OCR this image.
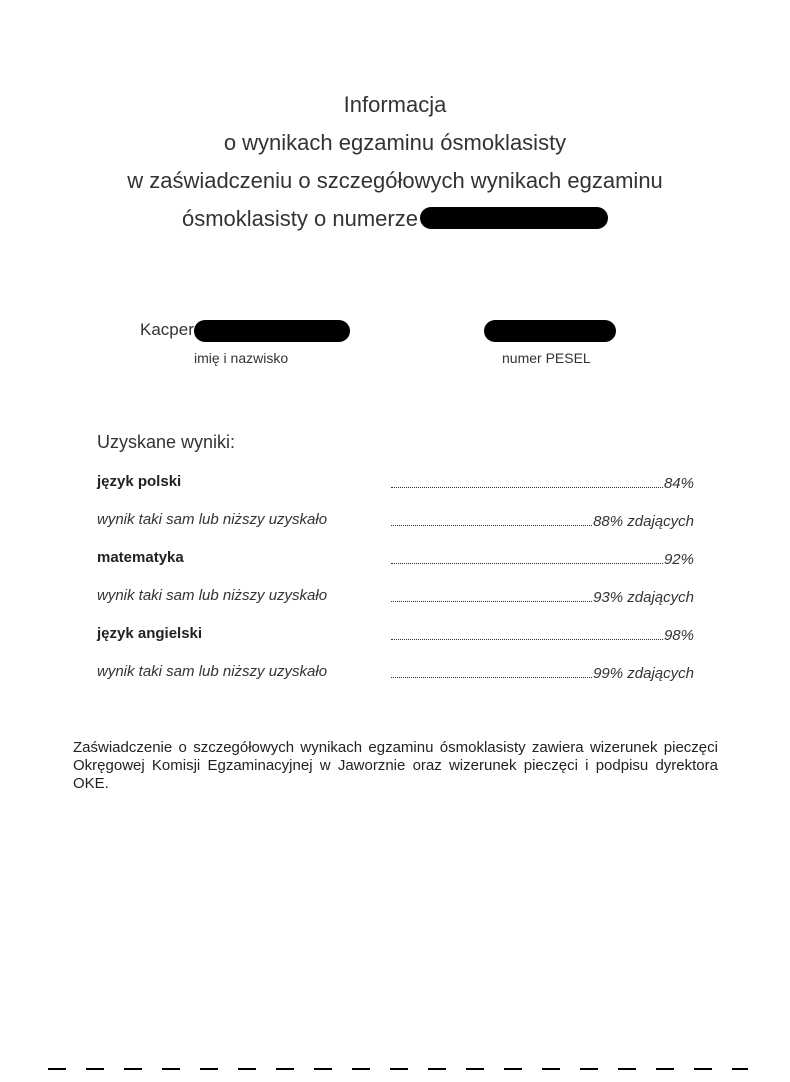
Informacja
o wynikach egzaminu ósmoklasisty
w zaświadczeniu o szczegółowych wynikach egzaminu
ósmoklasisty o numerze
Kacper
imię i nazwisko	numer PESEL
Uzyskane wyniki:
język polski	84%
wynik taki sam lub niższy uzyskało	88% zdających
matematyka	92%
wynik taki sam lub niższy uzyskało	93% zdających
język angielski	98%
wynik taki sam lub niższy uzyskało	99% zdających
Zaświadczenie o szczegółowych wynikach egzaminu ósmoklasisty zawiera wizerunek pieczęci Okręgowej Komisji Egzaminacyjnej w Jaworznie oraz wizerunek pieczęci i podpisu dyrektora OKE.
